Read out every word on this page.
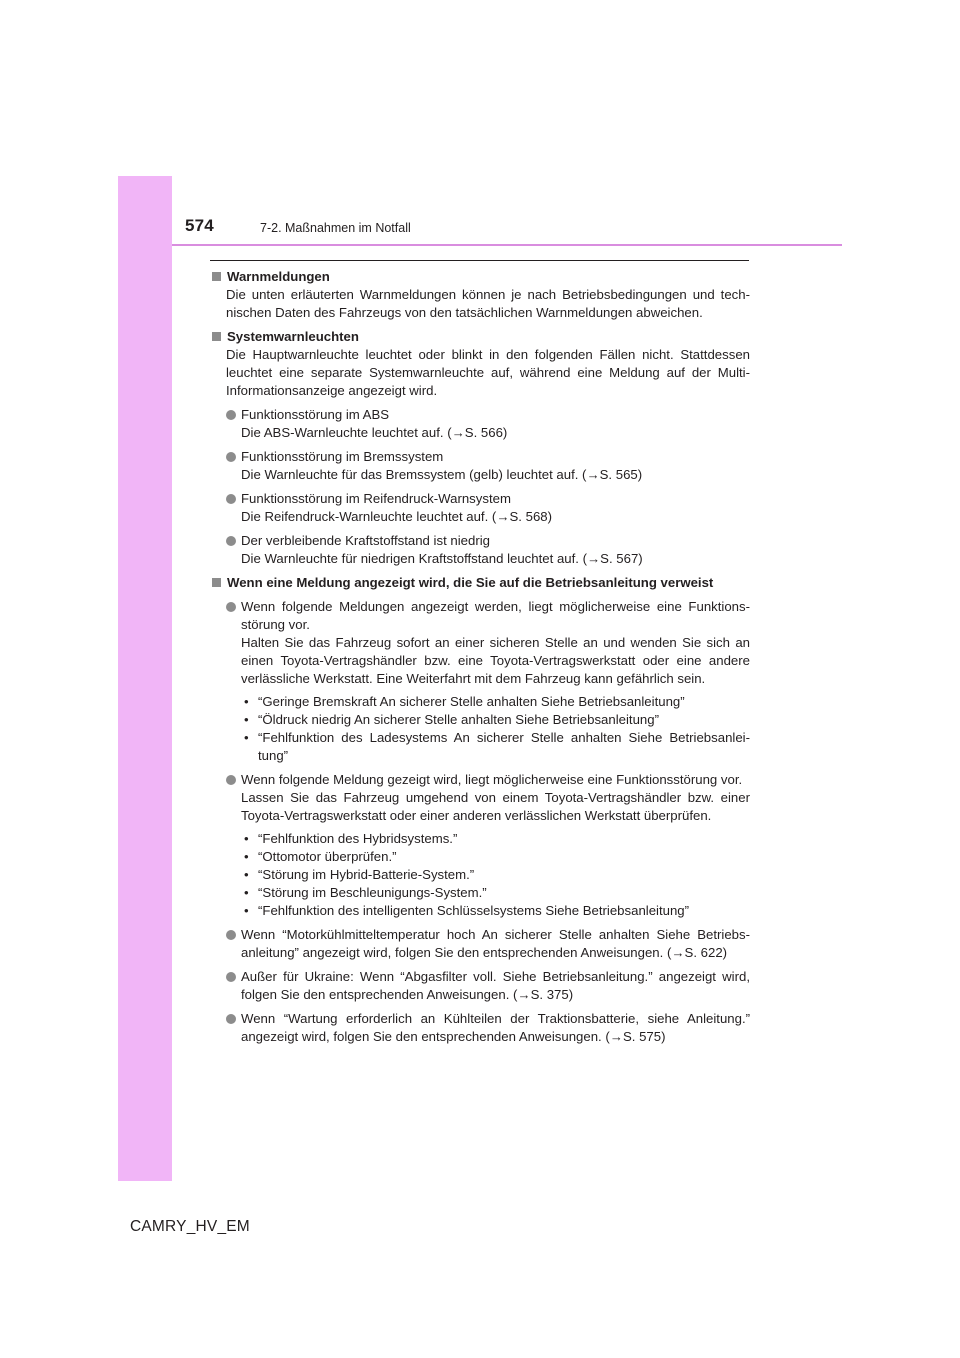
574	7-2. Maßnahmen im Notfall
Warnmeldungen
Die unten erläuterten Warnmeldungen können je nach Betriebsbedingungen und tech-nischen Daten des Fahrzeugs von den tatsächlichen Warnmeldungen abweichen.
Systemwarnleuchten
Die Hauptwarnleuchte leuchtet oder blinkt in den folgenden Fällen nicht. Stattdessen leuchtet eine separate Systemwarnleuchte auf, während eine Meldung auf der Multi-Informationsanzeige angezeigt wird.
Funktionsstörung im ABS
Die ABS-Warnleuchte leuchtet auf. (→S. 566)
Funktionsstörung im Bremssystem
Die Warnleuchte für das Bremssystem (gelb) leuchtet auf. (→S. 565)
Funktionsstörung im Reifendruck-Warnsystem
Die Reifendruck-Warnleuchte leuchtet auf. (→S. 568)
Der verbleibende Kraftstoffstand ist niedrig
Die Warnleuchte für niedrigen Kraftstoffstand leuchtet auf. (→S. 567)
Wenn eine Meldung angezeigt wird, die Sie auf die Betriebsanleitung verweist
Wenn folgende Meldungen angezeigt werden, liegt möglicherweise eine Funktions-störung vor.
Halten Sie das Fahrzeug sofort an einer sicheren Stelle an und wenden Sie sich an einen Toyota-Vertragshändler bzw. eine Toyota-Vertragswerkstatt oder eine andere verlässliche Werkstatt. Eine Weiterfahrt mit dem Fahrzeug kann gefährlich sein.
• “Geringe Bremskraft An sicherer Stelle anhalten Siehe Betriebsanleitung”
• “Öldruck niedrig An sicherer Stelle anhalten Siehe Betriebsanleitung”
• “Fehlfunktion des Ladesystems An sicherer Stelle anhalten Siehe Betriebsanlei-tung”
Wenn folgende Meldung gezeigt wird, liegt möglicherweise eine Funktionsstörung vor.
Lassen Sie das Fahrzeug umgehend von einem Toyota-Vertragshändler bzw. einer Toyota-Vertragswerkstatt oder einer anderen verlässlichen Werkstatt überprüfen.
• “Fehlfunktion des Hybridsystems.”
• “Ottomotor überprüfen.”
• “Störung im Hybrid-Batterie-System.”
• “Störung im Beschleunigungs-System.”
• “Fehlfunktion des intelligenten Schlüsselsystems Siehe Betriebsanleitung”
Wenn “Motorkühlmitteltemperatur hoch An sicherer Stelle anhalten Siehe Betriebs-anleitung” angezeigt wird, folgen Sie den entsprechenden Anweisungen. (→S. 622)
Außer für Ukraine: Wenn “Abgasfilter voll. Siehe Betriebsanleitung.” angezeigt wird, folgen Sie den entsprechenden Anweisungen. (→S. 375)
Wenn “Wartung erforderlich an Kühlteilen der Traktionsbatterie, siehe Anleitung.” angezeigt wird, folgen Sie den entsprechenden Anweisungen. (→S. 575)
CAMRY_HV_EM
